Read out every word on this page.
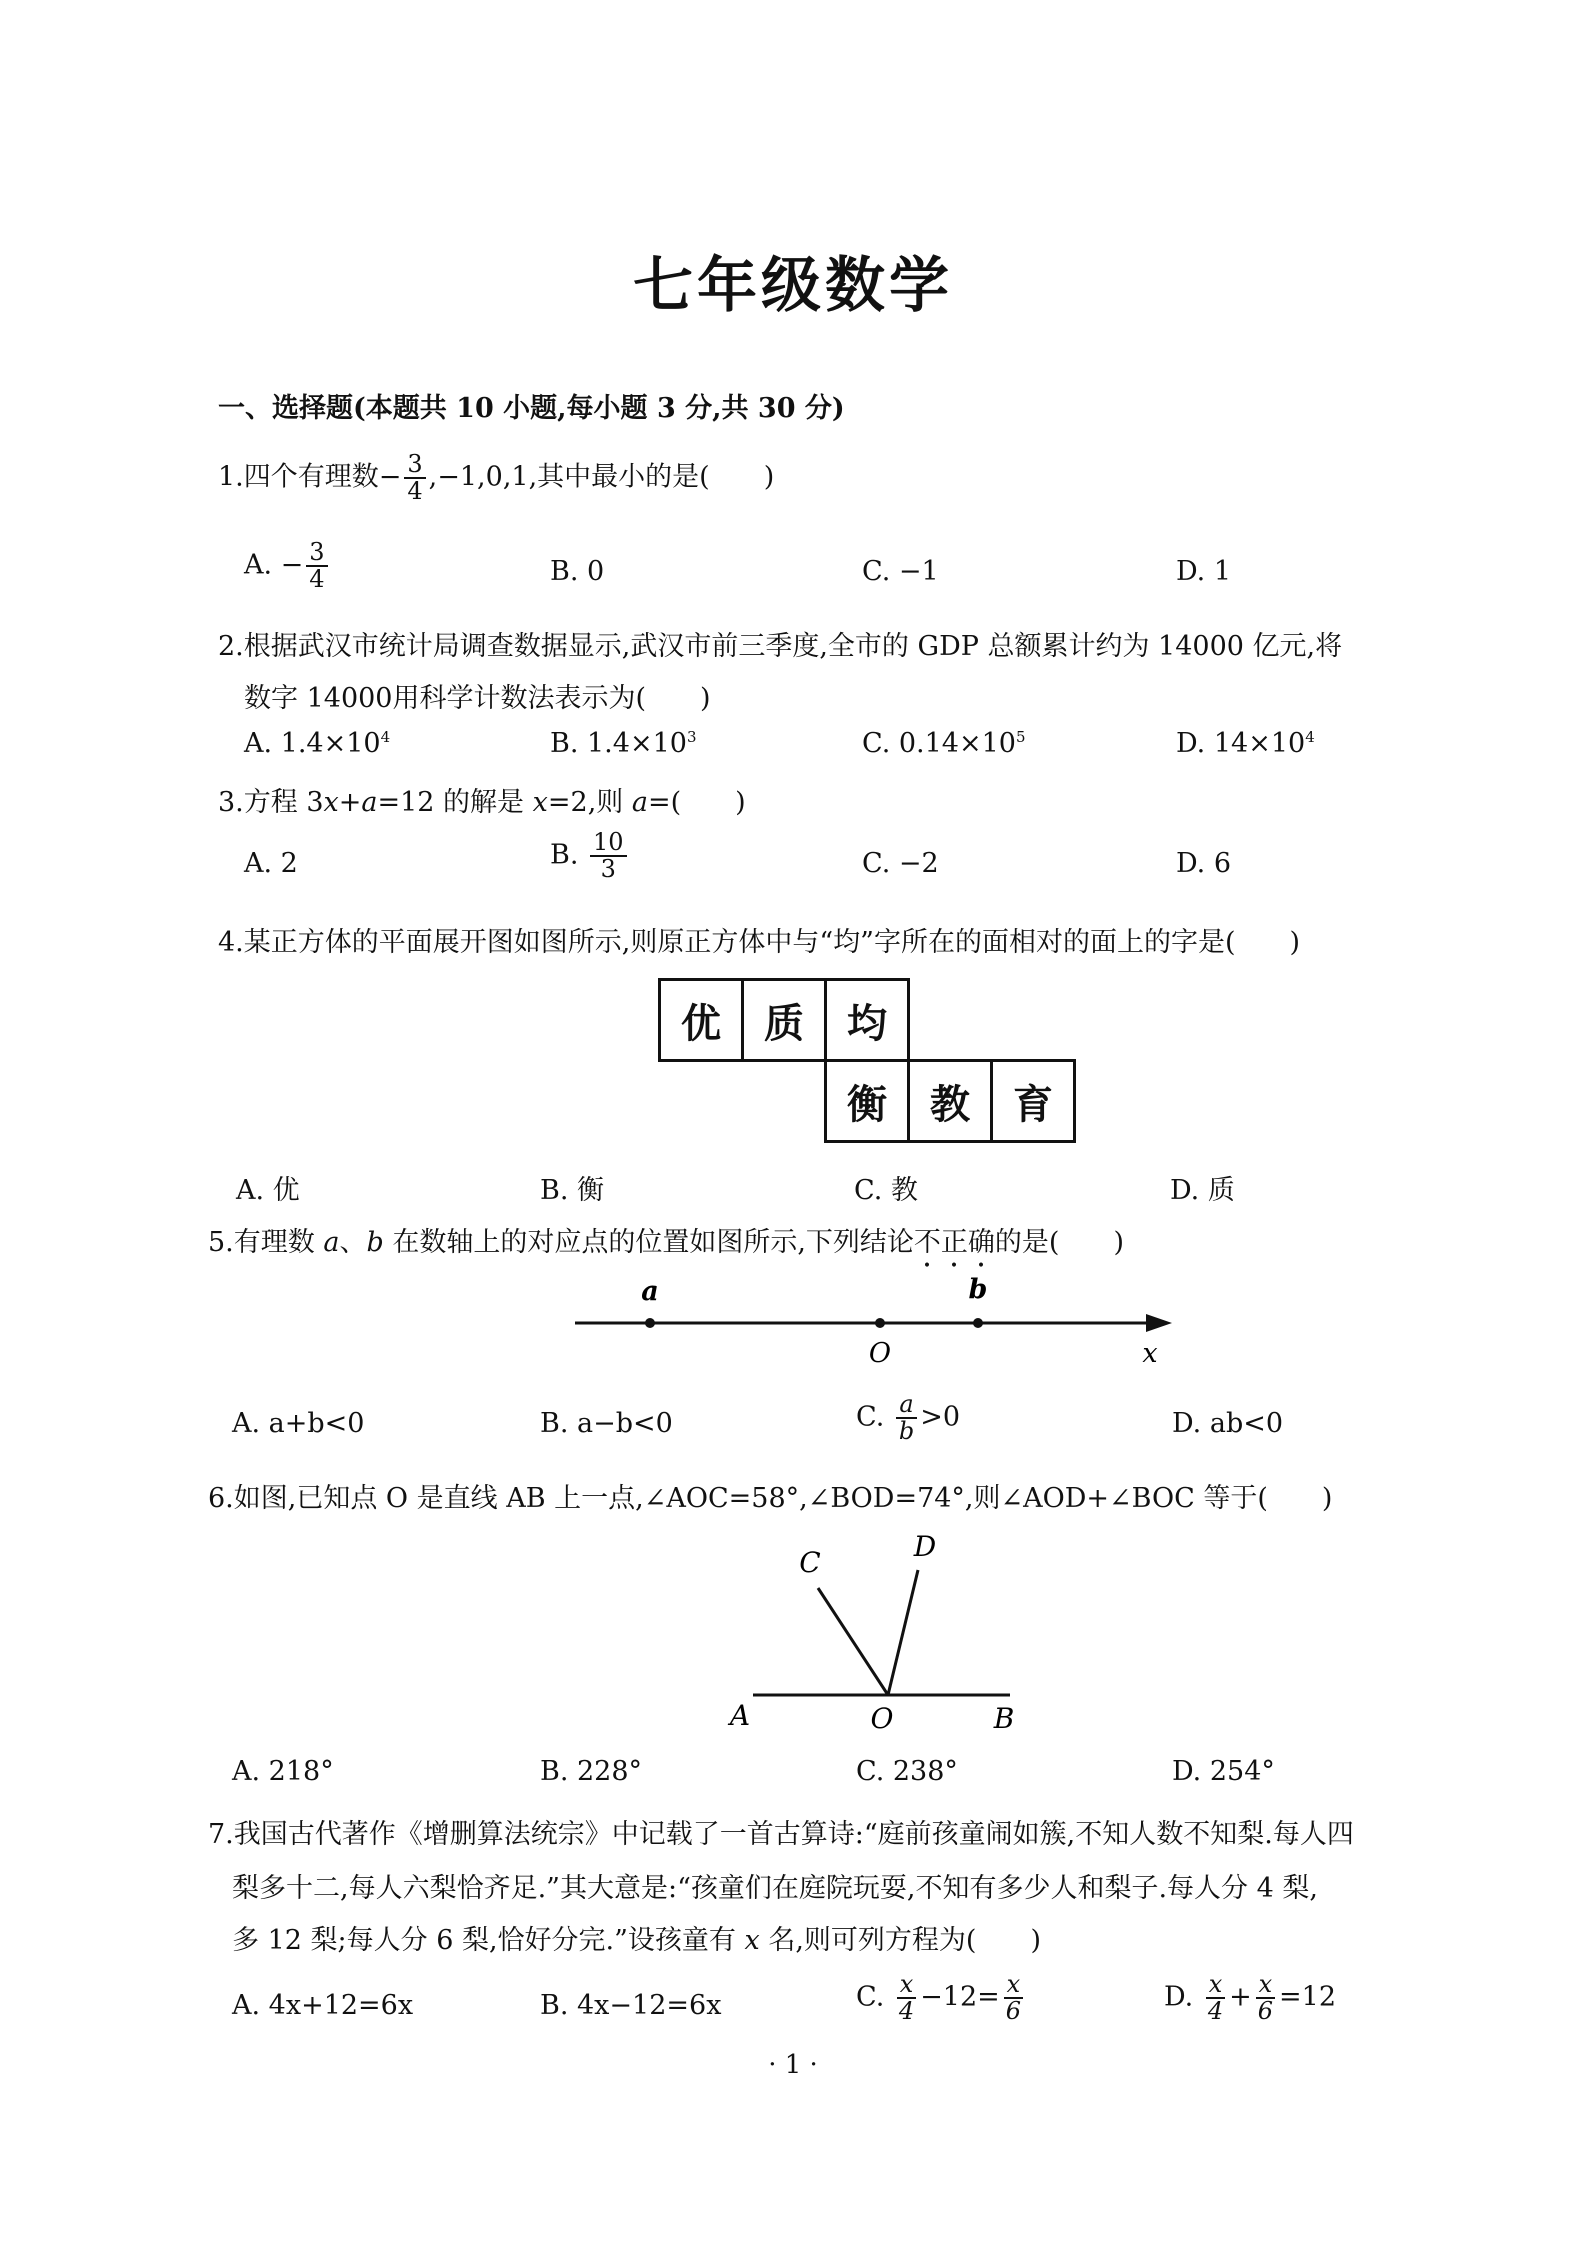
七年级数学
一、选择题(本题共 10 小题,每小题 3 分,共 30 分)
1.四个有理数− $\frac{3}{4} ,-1,0,1$,其中最小的是(　　)
A. − $\frac{3}{4}$	B. 0	C. −1	D. 1
2.根据武汉市统计局调查数据显示,武汉市前三季度,全市的 GDP 总额累计约为 14000 亿元,将
数字 14000用科学计数法表示为(　　)
A. $1.4\times 10^4$	B. $1.4\times 10^3$	C. $0.14\times 10^5$	D. $14\times 10^4$
3.方程 3x+a=12 的解是 x=2,则 a=(　　)
A. 2	B. $\frac{10}{3}$	C. −2	D. 6
4.某正方体的平面展开图如图所示,则原正方体中与“均”字所在的面相对的面上的字是(　　)
优	质	均
衡	教	育
A. 优	B. 衡	C. 教	D. 质
5.有理数 a、b 在数轴上的对应点的位置如图所示,下列结论不正确的是(　　)
a	b
O	x
C	D
A	O	B
A. a+b<0	B. a−b<0	C. $\frac{a}{b} >0$	D. ab<0
6.如图,已知点 O 是直线 AB 上一点,∠AOC=58°,∠BOD=74°,则∠AOD+∠BOC 等于(　　)
A. 218°	B. 228°	C. 238°	D. 254°
7.我国古代著作《增删算法统宗》中记载了一首古算诗:“庭前孩童闹如簇,不知人数不知梨.每人四
梨多十二,每人六梨恰齐足.”其大意是:“孩童们在庭院玩耍,不知有多少人和梨子.每人分 4 梨,
多 12 梨;每人分 6 梨,恰好分完.”设孩童有 x 名,则可列方程为(　　)
A. 4x+12=6x	B. 4x−12=6x	C. $\frac{x}{4} -12= \frac{x}{6}$	D. $\frac{x}{4} + \frac{x}{6} =12$
· 1 ·
